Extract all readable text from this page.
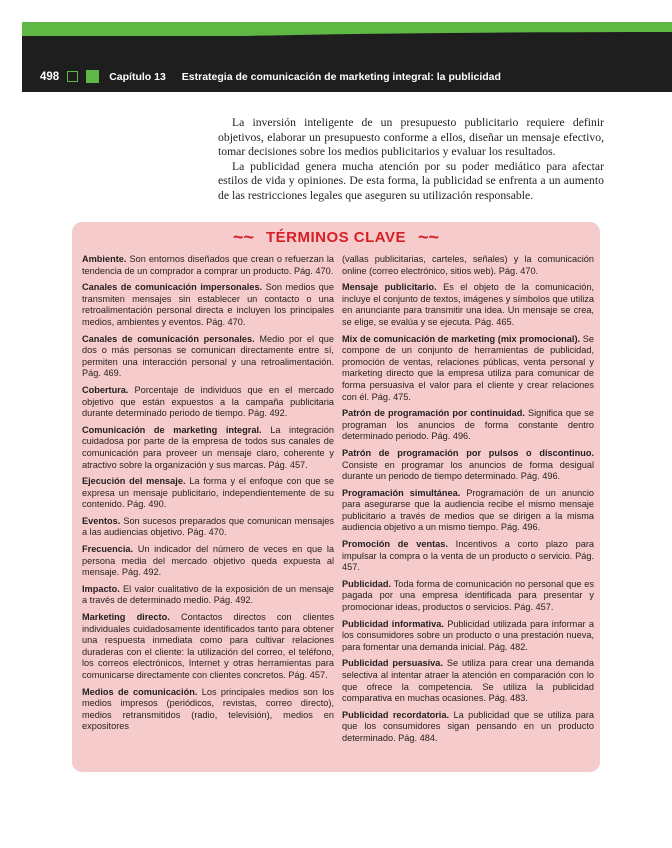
498	Capítulo 13 Estrategia de comunicación de marketing integral: la publicidad

La inversión inteligente de un presupuesto publicitario requiere definir objetivos, elaborar un presupuesto conforme a ellos, diseñar un mensaje efectivo, tomar decisiones sobre los medios publicitarios y evaluar los resultados.

La publicidad genera mucha atención por su poder mediático para afectar estilos de vida y opiniones. De esta forma, la publicidad se enfrenta a un aumento de las restricciones legales que aseguren su utilización responsable.

~~ TÉRMINOS CLAVE ~~

Ambiente. Son entornos diseñados que crean o refuerzan la tendencia de un comprador a comprar un producto. Pág. 470.

Canales de comunicación impersonales. Son medios que transmiten mensajes sin establecer un contacto o una retroalimentación personal directa e incluyen los principales medios, ambientes y eventos. Pág. 470.

Canales de comunicación personales. Medio por el que dos o más personas se comunican directamente entre sí, permiten una interacción personal y una retroalimentación. Pág. 469.

Cobertura. Porcentaje de individuos que en el mercado objetivo que están expuestos a la campaña publicitaria durante determinado periodo de tiempo. Pág. 492.

Comunicación de marketing integral. La integración cuidadosa por parte de la empresa de todos sus canales de comunicación para proveer un mensaje claro, coherente y atractivo sobre la organización y sus marcas. Pág. 457.

Ejecución del mensaje. La forma y el enfoque con que se expresa un mensaje publicitario, independientemente de su contenido. Pág. 490.

Eventos. Son sucesos preparados que comunican mensajes a las audiencias objetivo. Pág. 470.

Frecuencia. Un indicador del número de veces en que la persona media del mercado objetivo queda expuesta al mensaje. Pág. 492.

Impacto. El valor cualitativo de la exposición de un mensaje a través de determinado medio. Pág. 492.

Marketing directo. Contactos directos con clientes individuales cuidadosamente identificados tanto para obtener una respuesta inmediata como para cultivar relaciones duraderas con el cliente: la utilización del correo, el teléfono, los correos electrónicos, Internet y otras herramientas para comunicarse directamente con clientes concretos. Pág. 457.

Medios de comunicación. Los principales medios son los medios impresos (periódicos, revistas, correo directo), medios retransmitidos (radio, televisión), medios en expositores

(vallas publicitarias, carteles, señales) y la comunicación online (correo electrónico, sitios web). Pág. 470.

Mensaje publicitario. Es el objeto de la comunicación, incluye el conjunto de textos, imágenes y símbolos que utiliza en anunciante para transmitir una idea. Un mensaje se crea, se elige, se evalúa y se ejecuta. Pág. 465.

Mix de comunicación de marketing (mix promocional). Se compone de un conjunto de herramientas de publicidad, promoción de ventas, relaciones públicas, venta personal y marketing directo que la empresa utiliza para comunicar de forma persuasiva el valor para el cliente y crear relaciones con él. Pág. 475.

Patrón de programación por continuidad. Significa que se programan los anuncios de forma constante dentro determinado periodo. Pág. 496.

Patrón de programación por pulsos o discontinuo. Consiste en programar los anuncios de forma desigual durante un periodo de tiempo determinado. Pág. 496.

Programación simultánea. Programación de un anuncio para asegurarse que la audiencia recibe el mismo mensaje publicitario a través de medios que se dirigen a la misma audiencia objetivo a un mismo tiempo. Pág. 496.

Promoción de ventas. Incentivos a corto plazo para impulsar la compra o la venta de un producto o servicio. Pág. 457.

Publicidad. Toda forma de comunicación no personal que es pagada por una empresa identificada para presentar y promocionar ideas, productos o servicios. Pág. 457.

Publicidad informativa. Publicidad utilizada para informar a los consumidores sobre un producto o una prestación nueva, para fomentar una demanda inicial. Pág. 482.

Publicidad persuasiva. Se utiliza para crear una demanda selectiva al intentar atraer la atención en comparación con lo que ofrece la competencia. Se utiliza la publicidad comparativa en muchas ocasiones. Pág. 483.

Publicidad recordatoria. La publicidad que se utiliza para que los consumidores sigan pensando en un producto determinado. Pág. 484.
